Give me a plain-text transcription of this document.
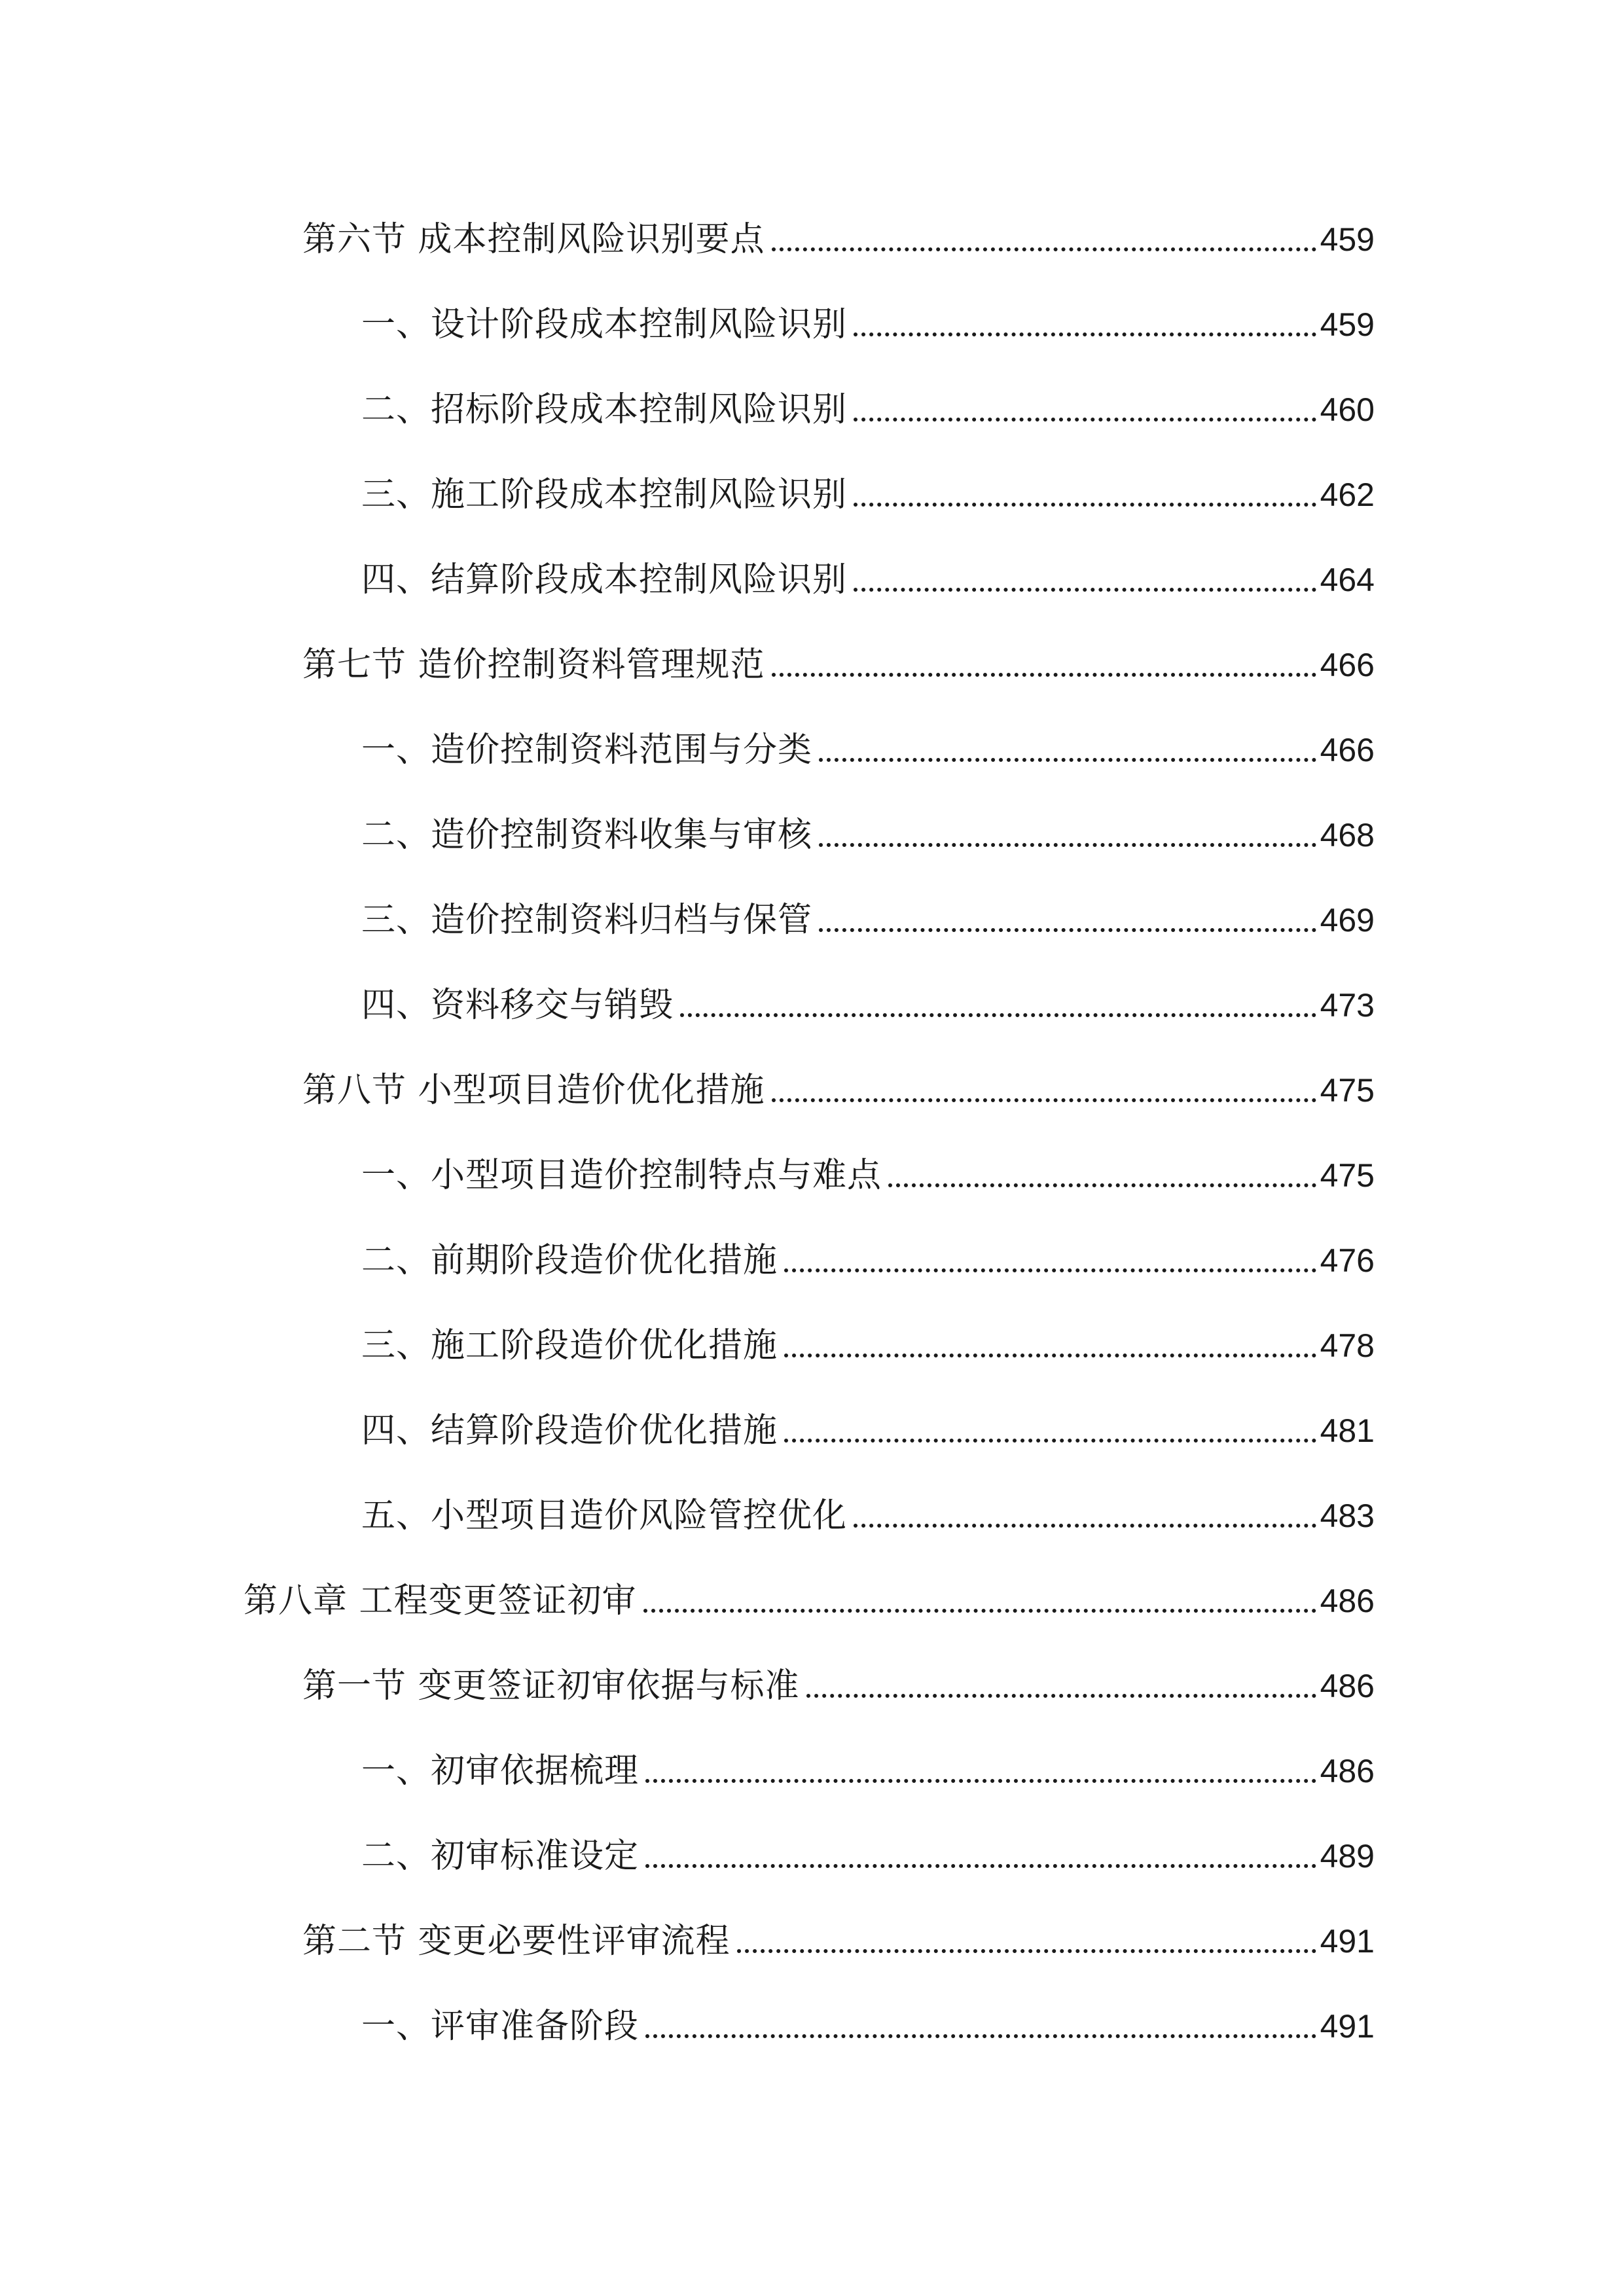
第六节 成本控制风险识别要点	459
一、设计阶段成本控制风险识别	459
二、招标阶段成本控制风险识别	460
三、施工阶段成本控制风险识别	462
四、结算阶段成本控制风险识别	464
第七节 造价控制资料管理规范	466
一、造价控制资料范围与分类	466
二、造价控制资料收集与审核	468
三、造价控制资料归档与保管	469
四、资料移交与销毁	473
第八节 小型项目造价优化措施	475
一、小型项目造价控制特点与难点	475
二、前期阶段造价优化措施	476
三、施工阶段造价优化措施	478
四、结算阶段造价优化措施	481
五、小型项目造价风险管控优化	483
第八章 工程变更签证初审	486
第一节 变更签证初审依据与标准	486
一、初审依据梳理	486
二、初审标准设定	489
第二节 变更必要性评审流程	491
一、评审准备阶段	491
